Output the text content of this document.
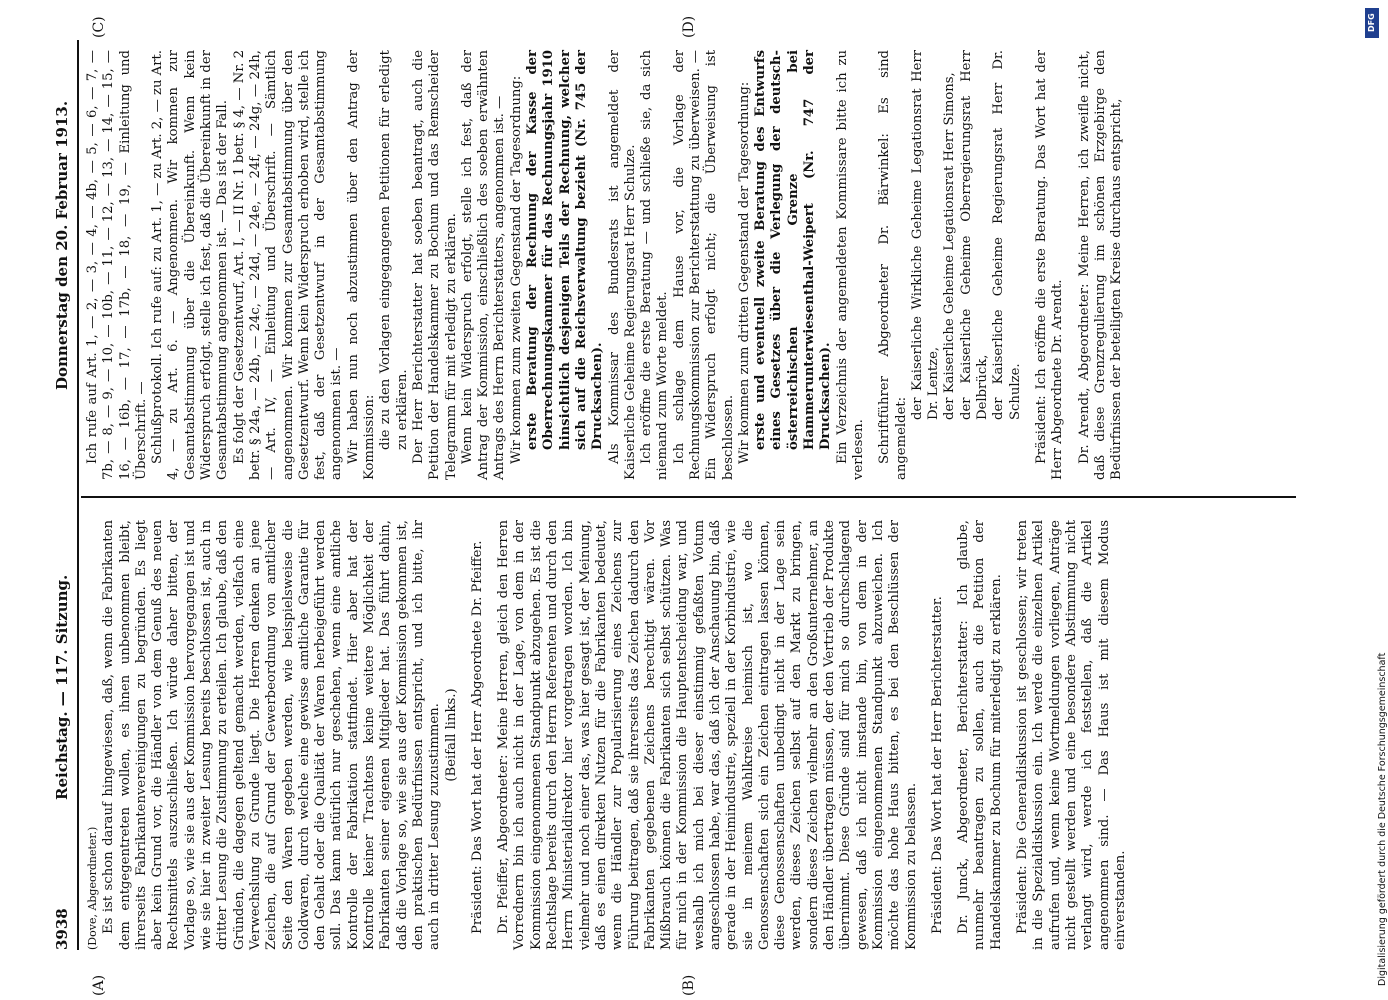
3938
Reichstag. — 117. Sitzung.
Donnerstag den 20. Februar 1913.
(A)	(B)
(C)	(D)

(Dove, Abgeordneter.) Es ist schon darauf hingewiesen, daß, wenn die Fabrikanten dem entgegentreten wollen, es ihnen unbenommen bleibt, ihrerseits Fabrikantenvereinigungen zu begründen. Es liegt aber kein Grund vor, die Händler von dem Genuß des neuen Rechtsmittels auszuschließen. Ich würde daher bitten, der Vorlage so, wie sie aus der Kommission hervorgegangen ist und wie sie hier in zweiter Lesung bereits beschlossen ist, auch in dritter Lesung die Zustimmung zu erteilen. Ich glaube, daß den Gründen, die dagegen geltend gemacht werden, vielfach eine Verwechslung zu Grunde liegt. Die Herren denken an jene Zeichen, die auf Grund der Gewerbeordnung von amtlicher Seite den Waren gegeben werden, wie beispielsweise die Goldwaren, durch welche eine gewisse amtliche Garantie für den Gehalt oder die Qualität der Waren herbeigeführt werden soll. Das kann natürlich nur geschehen, wenn eine amtliche Kontrolle der Fabrikation stattfindet. Hier aber hat der Kontrolle keiner Trachtens keine weitere Möglichkeit der Fabrikanten seiner eigenen Mitglieder hat. Das führt dahin, daß die Vorlage so, wie sie aus der Kommission gekommen ist, den praktischen Bedürfnissen entspricht, und ich bitte, ihr auch in dritter Lesung zuzustimmen. (Beifall links.) Präsident: Das Wort hat der Herr Abgeordnete Dr. Pfeiffer. Dr. Pfeiffer, Abgeordneter: Meine Herren, gleich den Herren Vorrednern bin ich auch nicht in der Lage, von dem in der Kommission eingenommenen Standpunkt abzugehen. Es ist die Rechtslage bereits durch den Herrn Referenten und durch den Herrn Ministerialdirektor hier vorgetragen worden. Ich bin vielmehr und noch einer das, was hier gesagt ist, der Meinung, daß es einen direkten Nutzen für die Fabrikanten bedeutet, wenn die Händler zur Popularisierung eines Zeichens zur Führung beitragen, daß sie ihrerseits das Zeichen dadurch den Fabrikanten gegebenen Zeichens berechtigt wären. Vor Mißbrauch können die Fabrikanten sich selbst schützen. Was für mich in der Kommission die Hauptentscheidung war, und weshalb ich mich bei dieser einstimmig gefaßten Votum angeschlossen habe, war das, daß ich der Anschauung bin, daß gerade in der Heimindustrie, speziell in der Korbindustrie, wie sie in meinem Wahlkreise heimisch ist, wo die Genossenschaften sich ein Zeichen eintragen lassen können, diese Genossenschaften unbedingt nicht in der Lage sein werden, dieses Zeichen selbst auf den Markt zu bringen, sondern dieses Zeichen vielmehr an den Großunternehmer, an den Händler übertragen müssen, der den Vertrieb der Produkte übernimmt. Diese Gründe sind für mich so durchschlagend gewesen, daß ich nicht imstande bin, von dem in der Kommission eingenommenen Standpunkt abzuweichen. Ich möchte das hohe Haus bitten, es bei den Beschlüssen der Kommission zu belassen. Präsident: Das Wort hat der Herr Berichterstatter. Dr. Junck, Abgeordneter, Berichterstatter: Ich glaube, nunmehr beantragen zu sollen, auch die Petition der Handelskammer zu Bochum für miterledigt zu erklären. Präsident: Die Generaldiskussion ist geschlossen; wir treten in die Spezialdiskussion ein. Ich werde die einzelnen Artikel aufrufen und, wenn keine Wortmeldungen vorliegen, Anträge nicht gestellt werden und eine besondere Abstimmung nicht verlangt wird, werde ich feststellen, daß die Artikel angenommen sind. — Das Haus ist mit diesem Modus einverstanden.

Ich rufe auf Art. 1, — 2, — 3, — 4, — 4b, — 5, — 6, — 7, — 7b, — 8, — 9, — 10, — 10b, — 11, — 12, — 13, — 14, — 15, — 16, — 16b, — 17, — 17b, — 18, — 19, — Einleitung und Überschrift. — Schlußprotokoll. Ich rufe auf: zu Art. 1, — zu Art. 2, — zu Art. 4, — zu Art. 6. — Angenommen. Wir kommen zur Gesamtabstimmung über die Übereinkunft. Wenn kein Widerspruch erfolgt, stelle ich fest, daß die Übereinkunft in der Gesamtabstimmung angenommen ist. — Das ist der Fall. Es folgt der Gesetzentwurf, Art. I, — II Nr. 1 betr. § 4, — Nr. 2 betr. § 24a, — 24b, — 24c, — 24d, — 24e, — 24f, — 24g, — 24h, — Art. IV, — Einleitung und Überschrift. — Sämtlich angenommen. Wir kommen zur Gesamtabstimmung über den Gesetzentwurf. Wenn kein Widerspruch erhoben wird, stelle ich fest, daß der Gesetzentwurf in der Gesamtabstimmung angenommen ist. — Wir haben nun noch abzustimmen über den Antrag der Kommission: die zu den Vorlagen eingegangenen Petitionen für erledigt zu erklären. Der Herr Berichterstatter hat soeben beantragt, auch die Petition der Handelskammer zu Bochum und das Remscheider Telegramm für mit erledigt zu erklären. Wenn kein Widerspruch erfolgt, stelle ich fest, daß der Antrag der Kommission, einschließlich des soeben erwähnten Antrags des Herrn Berichterstatters, angenommen ist. — Wir kommen zum zweiten Gegenstand der Tagesordnung: erste Beratung der Rechnung der Kasse der Oberrechnungskammer für das Rechnungsjahr 1910 hinsichtlich desjenigen Teils der Rechnung, welcher sich auf die Reichsverwaltung bezieht (Nr. 745 der Drucksachen). Als Kommissar des Bundesrats ist angemeldet der Kaiserliche Geheime Regierungsrat Herr Schulze. Ich eröffne die erste Beratung — und schließe sie, da sich niemand zum Worte meldet. Ich schlage dem Hause vor, die Vorlage der Rechnungskommission zur Berichterstattung zu überweisen. — Ein Widerspruch erfolgt nicht; die Überweisung ist beschlossen. Wir kommen zum dritten Gegenstand der Tagesordnung: erste und eventuell zweite Beratung des Entwurfs eines Gesetzes über die Verlegung der deutsch-österreichischen Grenze bei Hammerunterwiesenthal-Weipert (Nr. 747 der Drucksachen). Ein Verzeichnis der angemeldeten Kommissare bitte ich zu verlesen. Schriftführer Abgeordneter Dr. Bärwinkel: Es sind angemeldet:

der Kaiserliche Wirkliche Geheime Legationsrat Herr Dr. Lentze, der Kaiserliche Geheime Legationsrat Herr Simons, der Kaiserliche Geheime Oberregierungsrat Herr Delbrück, der Kaiserliche Geheime Regierungsrat Herr Dr. Schulze. Präsident: Ich eröffne die erste Beratung. Das Wort hat der Herr Abgeordnete Dr. Arendt. Dr. Arendt, Abgeordneter: Meine Herren, ich zweifle nicht, daß diese Grenzregulierung im schönen Erzgebirge den Bedürfnissen der beteiligten Kreise durchaus entspricht,

DFG
Digitalisierung gefördert durch die Deutsche Forschungsgemeinschaft
